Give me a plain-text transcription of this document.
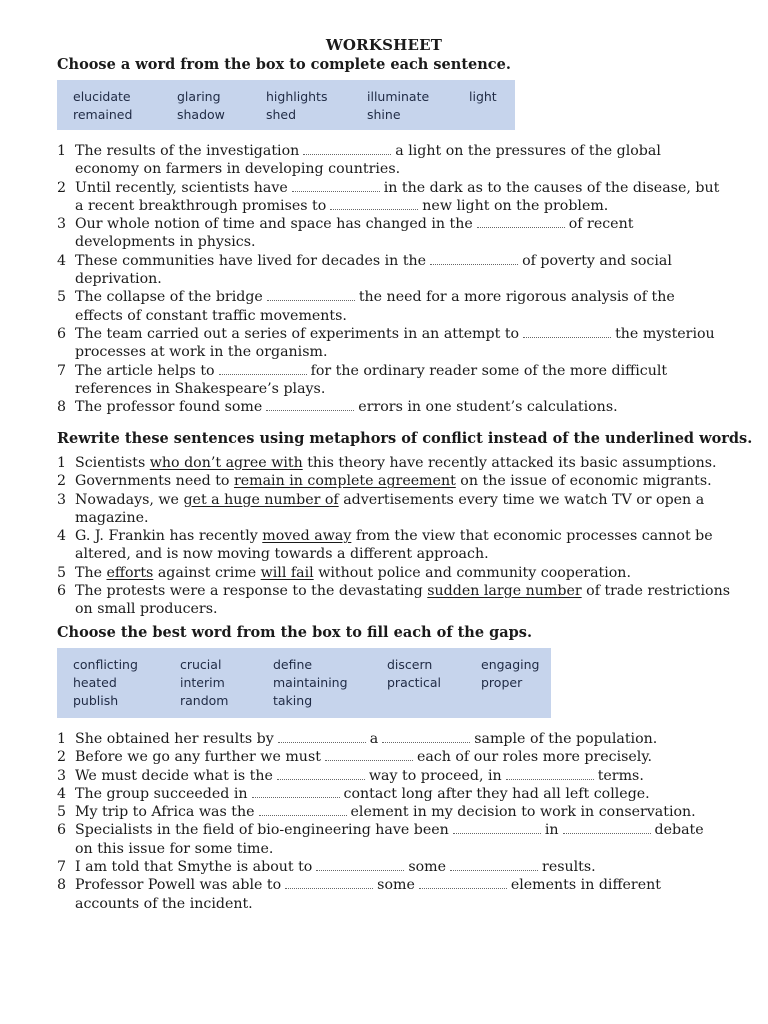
WORKSHEET
Choose a word from the box to complete each sentence.
elucidate	glaring	highlights	illuminate	light
remained	shadow	shed	shine
1 The results of the investigation	a light on the pressures of the global
economy on farmers in developing countries.
2 Until recently, scientists have	in the dark as to the causes of the disease, but
a recent breakthrough promises to	new light on the problem.
3 Our whole notion of time and space has changed in the	of recent
developments in physics.
4 These communities have lived for decades in the	of poverty and social
deprivation.
5 The collapse of the bridge	the need for a more rigorous analysis of the
effects of constant traffic movements.
6 The team carried out a series of experiments in an attempt to	the mysteriou
processes at work in the organism.
7 The article helps to	for the ordinary reader some of the more difficult
references in Shakespeare’s plays.
8 The professor found some	errors in one student’s calculations.
Rewrite these sentences using metaphors of conflict instead of the underlined words.
1 Scientists who don’t agree with this theory have recently attacked its basic assumptions.
2 Governments need to remain in complete agreement on the issue of economic migrants.
3 Nowadays, we get a huge number of advertisements every time we watch TV or open a
magazine.
4 G. J. Frankin has recently moved away from the view that economic processes cannot be
altered, and is now moving towards a different approach.
5 The efforts against crime will fail without police and community cooperation.
6 The protests were a response to the devastating sudden large number of trade restrictions
on small producers.
Choose the best word from the box to fill each of the gaps.
conflicting	crucial	define	discern	engaging
heated	interim	maintaining	practical	proper
publish	random	taking
1 She obtained her results by	a	sample of the population.
2 Before we go any further we must	each of our roles more precisely.
3 We must decide what is the	way to proceed, in	terms.
4 The group succeeded in	contact long after they had all left college.
5 My trip to Africa was the	element in my decision to work in conservation.
6 Specialists in the field of bio-engineering have been	in	debate
on this issue for some time.
7 I am told that Smythe is about to	some	results.
8 Professor Powell was able to	some	elements in different
accounts of the incident.
